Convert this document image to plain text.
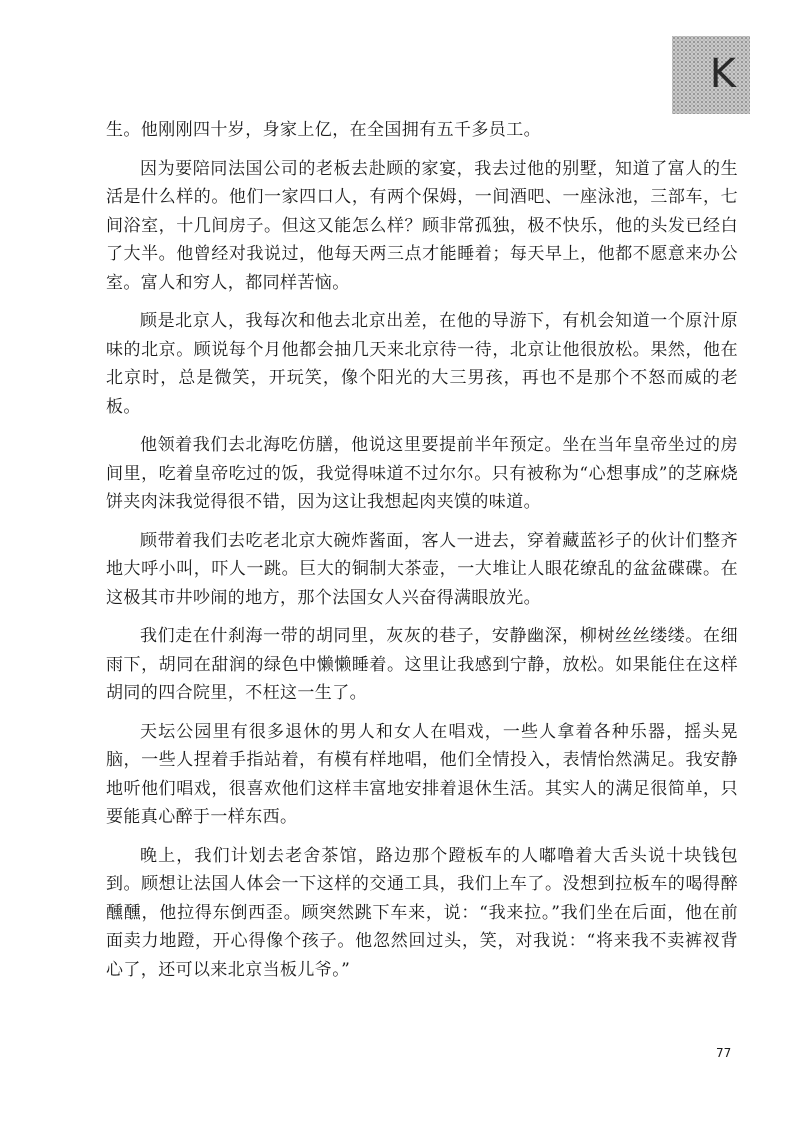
K

生。他刚刚四十岁，身家上亿，在全国拥有五千多员工。

因为要陪同法国公司的老板去赴顾的家宴，我去过他的别墅，知道了富人的生活是什么样的。他们一家四口人，有两个保姆，一间酒吧、一座泳池，三部车，七间浴室，十几间房子。但这又能怎么样？顾非常孤独，极不快乐，他的头发已经白了大半。他曾经对我说过，他每天两三点才能睡着；每天早上，他都不愿意来办公室。富人和穷人，都同样苦恼。

顾是北京人，我每次和他去北京出差，在他的导游下，有机会知道一个原汁原味的北京。顾说每个月他都会抽几天来北京待一待，北京让他很放松。果然，他在北京时，总是微笑，开玩笑，像个阳光的大三男孩，再也不是那个不怒而威的老板。

他领着我们去北海吃仿膳，他说这里要提前半年预定。坐在当年皇帝坐过的房间里，吃着皇帝吃过的饭，我觉得味道不过尔尔。只有被称为“心想事成”的芝麻烧饼夹肉沫我觉得很不错，因为这让我想起肉夹馍的味道。

顾带着我们去吃老北京大碗炸酱面，客人一进去，穿着藏蓝衫子的伙计们整齐地大呼小叫，吓人一跳。巨大的铜制大茶壶，一大堆让人眼花缭乱的盆盆碟碟。在这极其市井吵闹的地方，那个法国女人兴奋得满眼放光。

我们走在什刹海一带的胡同里，灰灰的巷子，安静幽深，柳树丝丝缕缕。在细雨下，胡同在甜润的绿色中懒懒睡着。这里让我感到宁静，放松。如果能住在这样胡同的四合院里，不枉这一生了。

天坛公园里有很多退休的男人和女人在唱戏，一些人拿着各种乐器，摇头晃脑，一些人捏着手指站着，有模有样地唱，他们全情投入，表情怡然满足。我安静地听他们唱戏，很喜欢他们这样丰富地安排着退休生活。其实人的满足很简单，只要能真心醉于一样东西。

晚上，我们计划去老舍茶馆，路边那个蹬板车的人嘟噜着大舌头说十块钱包到。顾想让法国人体会一下这样的交通工具，我们上车了。没想到拉板车的喝得醉醺醺，他拉得东倒西歪。顾突然跳下车来，说：“我来拉。”我们坐在后面，他在前面卖力地蹬，开心得像个孩子。他忽然回过头，笑，对我说：“将来我不卖裤衩背心了，还可以来北京当板儿爷。”

77
